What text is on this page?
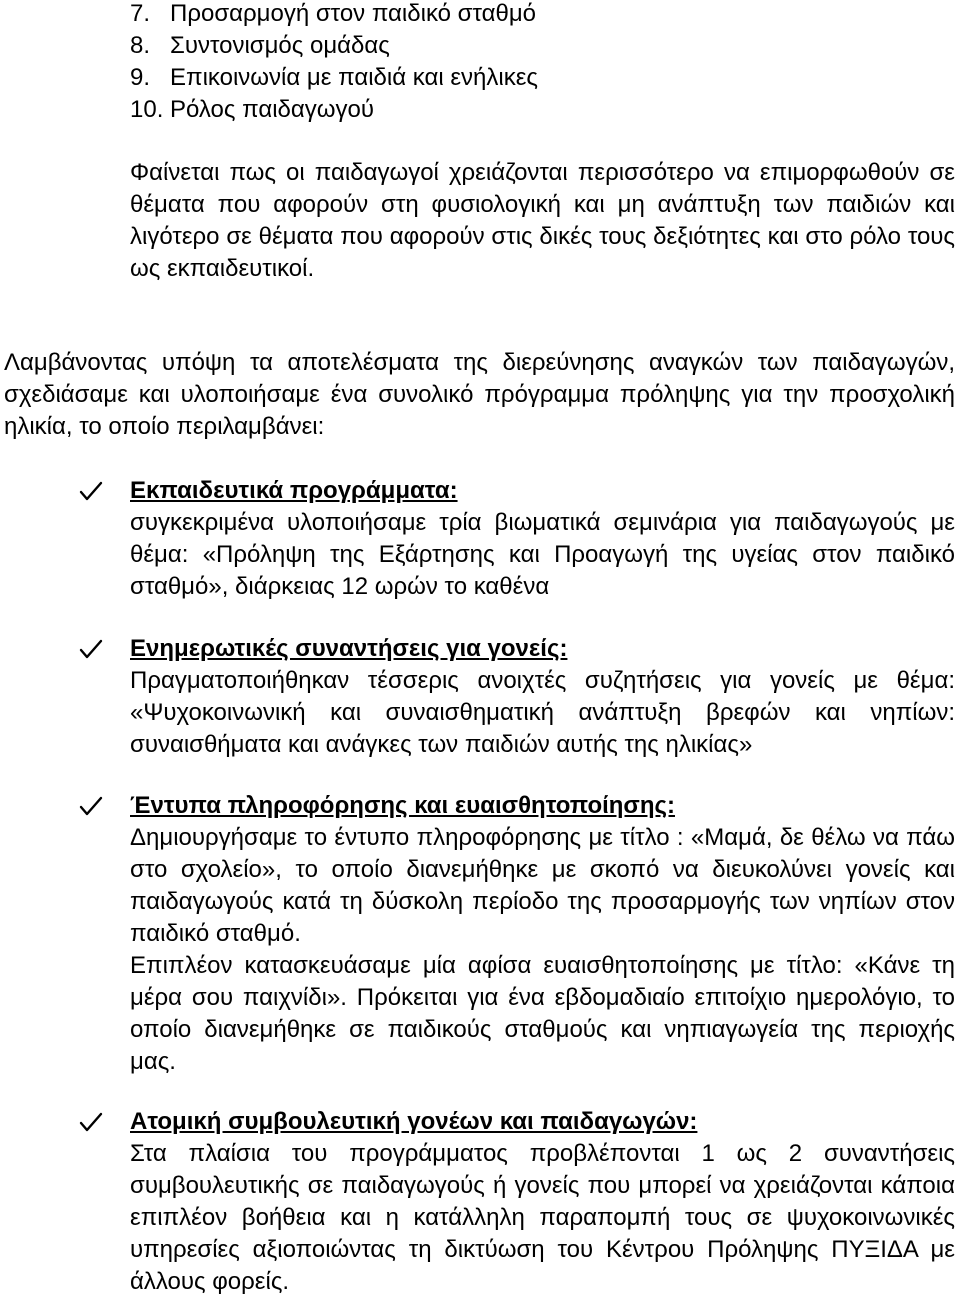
7. Προσαρμογή στον παιδικό σταθμό
8. Συντονισμός ομάδας
9. Επικοινωνία με παιδιά και ενήλικες
10. Ρόλος παιδαγωγού

Φαίνεται πως οι παιδαγωγοί χρειάζονται περισσότερο να επιμορφωθούν σε θέματα που αφορούν στη φυσιολογική και μη ανάπτυξη των παιδιών και λιγότερο σε θέματα που αφορούν στις δικές τους δεξιότητες και στο ρόλο τους ως εκπαιδευτικοί.

Λαμβάνοντας υπόψη τα αποτελέσματα της διερεύνησης αναγκών των παιδαγωγών, σχεδιάσαμε και υλοποιήσαμε ένα συνολικό πρόγραμμα πρόληψης για την προσχολική ηλικία, το οποίο περιλαμβάνει:

Εκπαιδευτικά προγράμματα:
συγκεκριμένα υλοποιήσαμε τρία βιωματικά σεμινάρια για παιδαγωγούς με θέμα: «Πρόληψη της Εξάρτησης και Προαγωγή της υγείας στον παιδικό σταθμό», διάρκειας 12 ωρών το καθένα
Ενημερωτικές συναντήσεις για γονείς:
Πραγματοποιήθηκαν τέσσερις ανοιχτές συζητήσεις για γονείς με θέμα: «Ψυχοκοινωνική και συναισθηματική ανάπτυξη βρεφών και νηπίων: συναισθήματα και ανάγκες των παιδιών αυτής της ηλικίας»
Έντυπα πληροφόρησης και ευαισθητοποίησης:
Δημιουργήσαμε το έντυπο πληροφόρησης με τίτλο : «Μαμά, δε θέλω να πάω στο σχολείο», το οποίο διανεμήθηκε με σκοπό να διευκολύνει γονείς και παιδαγωγούς κατά τη δύσκολη περίοδο της προσαρμογής των νηπίων στον παιδικό σταθμό.
Επιπλέον κατασκευάσαμε μία αφίσα ευαισθητοποίησης με τίτλο: «Κάνε τη μέρα σου παιχνίδι». Πρόκειται για ένα εβδομαδιαίο επιτοίχιο ημερολόγιο, το οποίο διανεμήθηκε σε παιδικούς σταθμούς και νηπιαγωγεία της περιοχής μας.
Ατομική συμβουλευτική γονέων και παιδαγωγών:
Στα πλαίσια του προγράμματος προβλέπονται 1 ως 2 συναντήσεις συμβουλευτικής σε παιδαγωγούς ή γονείς που μπορεί να χρειάζονται κάποια επιπλέον βοήθεια και η κατάλληλη παραπομπή τους σε ψυχοκοινωνικές υπηρεσίες αξιοποιώντας τη δικτύωση του Κέντρου Πρόληψης ΠΥΞΙΔΑ με άλλους φορείς.
